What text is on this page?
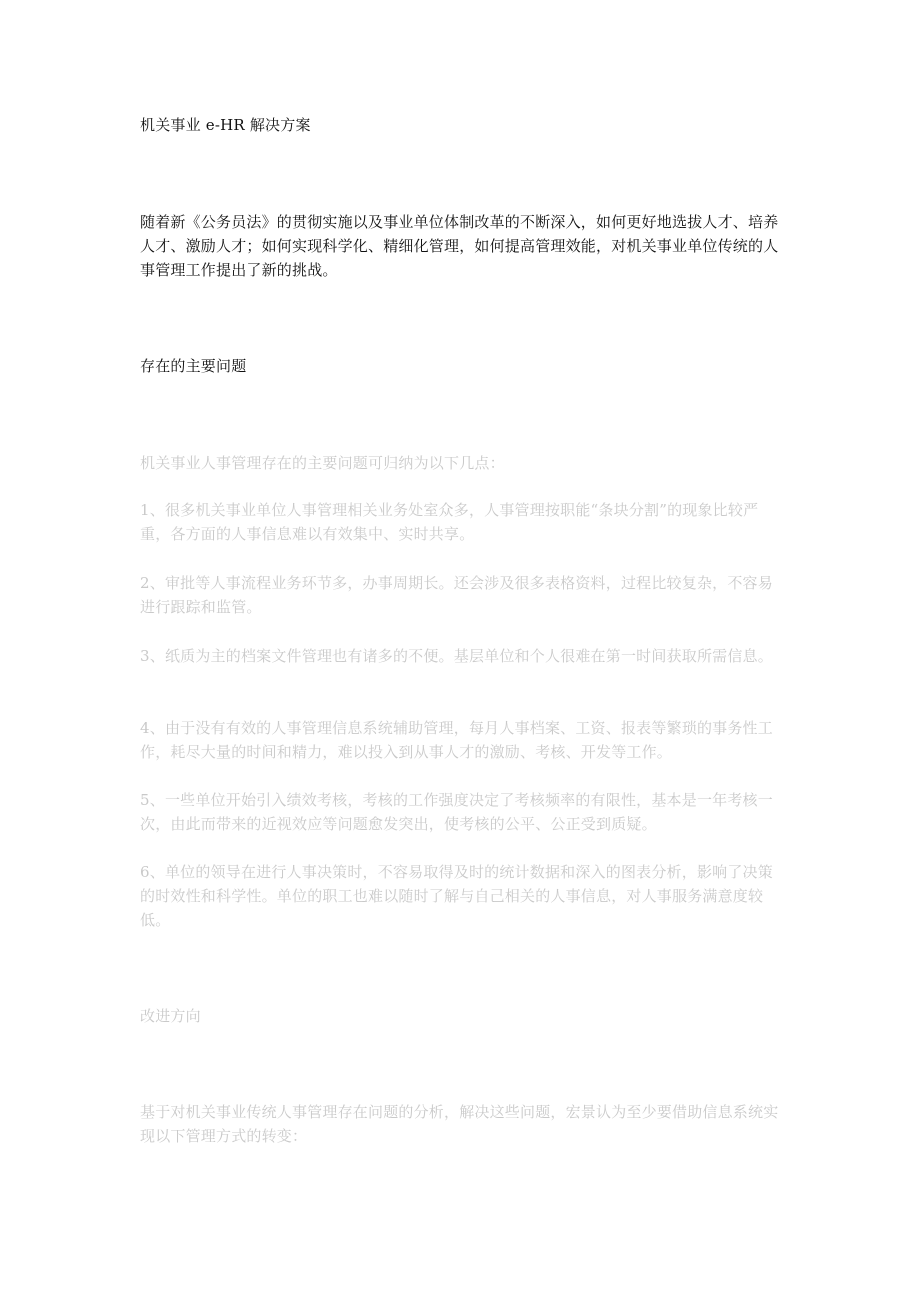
机关事业 e-HR 解决方案

随着新《公务员法》的贯彻实施以及事业单位体制改革的不断深入，如何更好地选拔人才、培养人才、激励人才；如何实现科学化、精细化管理，如何提高管理效能，对机关事业单位传统的人事管理工作提出了新的挑战。

存在的主要问题

机关事业人事管理存在的主要问题可归纳为以下几点：

1、很多机关事业单位人事管理相关业务处室众多，人事管理按职能“条块分割”的现象比较严重，各方面的人事信息难以有效集中、实时共享。

2、审批等人事流程业务环节多，办事周期长。还会涉及很多表格资料，过程比较复杂，不容易进行跟踪和监管。

3、纸质为主的档案文件管理也有诸多的不便。基层单位和个人很难在第一时间获取所需信息。

4、由于没有有效的人事管理信息系统辅助管理，每月人事档案、工资、报表等繁琐的事务性工作，耗尽大量的时间和精力，难以投入到从事人才的激励、考核、开发等工作。

5、一些单位开始引入绩效考核，考核的工作强度决定了考核频率的有限性，基本是一年考核一次，由此而带来的近视效应等问题愈发突出，使考核的公平、公正受到质疑。

6、单位的领导在进行人事决策时，不容易取得及时的统计数据和深入的图表分析，影响了决策的时效性和科学性。单位的职工也难以随时了解与自己相关的人事信息，对人事服务满意度较低。

改进方向

基于对机关事业传统人事管理存在问题的分析，解决这些问题，宏景认为至少要借助信息系统实现以下管理方式的转变：
